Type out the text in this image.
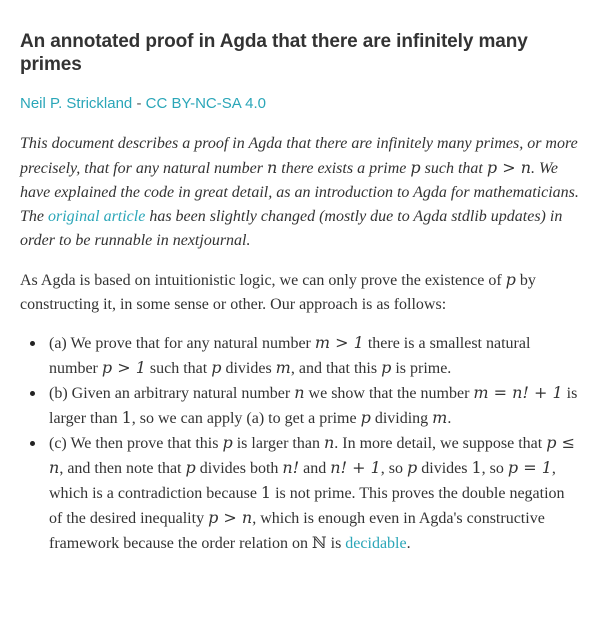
An annotated proof in Agda that there are infinitely many primes
Neil P. Strickland - CC BY-NC-SA 4.0

This document describes a proof in Agda that there are infinitely many primes, or more precisely, that for any natural number n there exists a prime p such that p > n. We have explained the code in great detail, as an introduction to Agda for mathematicians. The original article has been slightly changed (mostly due to Agda stdlib updates) in order to be runnable in nextjournal.

As Agda is based on intuitionistic logic, we can only prove the existence of p by constructing it, in some sense or other. Our approach is as follows:

(a) We prove that for any natural number m > 1 there is a smallest natural number p > 1 such that p divides m, and that this p is prime.
(b) Given an arbitrary natural number n we show that the number m = n! + 1 is larger than 1, so we can apply (a) to get a prime p dividing m.
(c) We then prove that this p is larger than n. In more detail, we suppose that p ≤ n, and then note that p divides both n! and n! + 1, so p divides 1, so p = 1, which is a contradiction because 1 is not prime. This proves the double negation of the desired inequality p > n, which is enough even in Agda's constructive framework because the order relation on ℕ is decidable.
